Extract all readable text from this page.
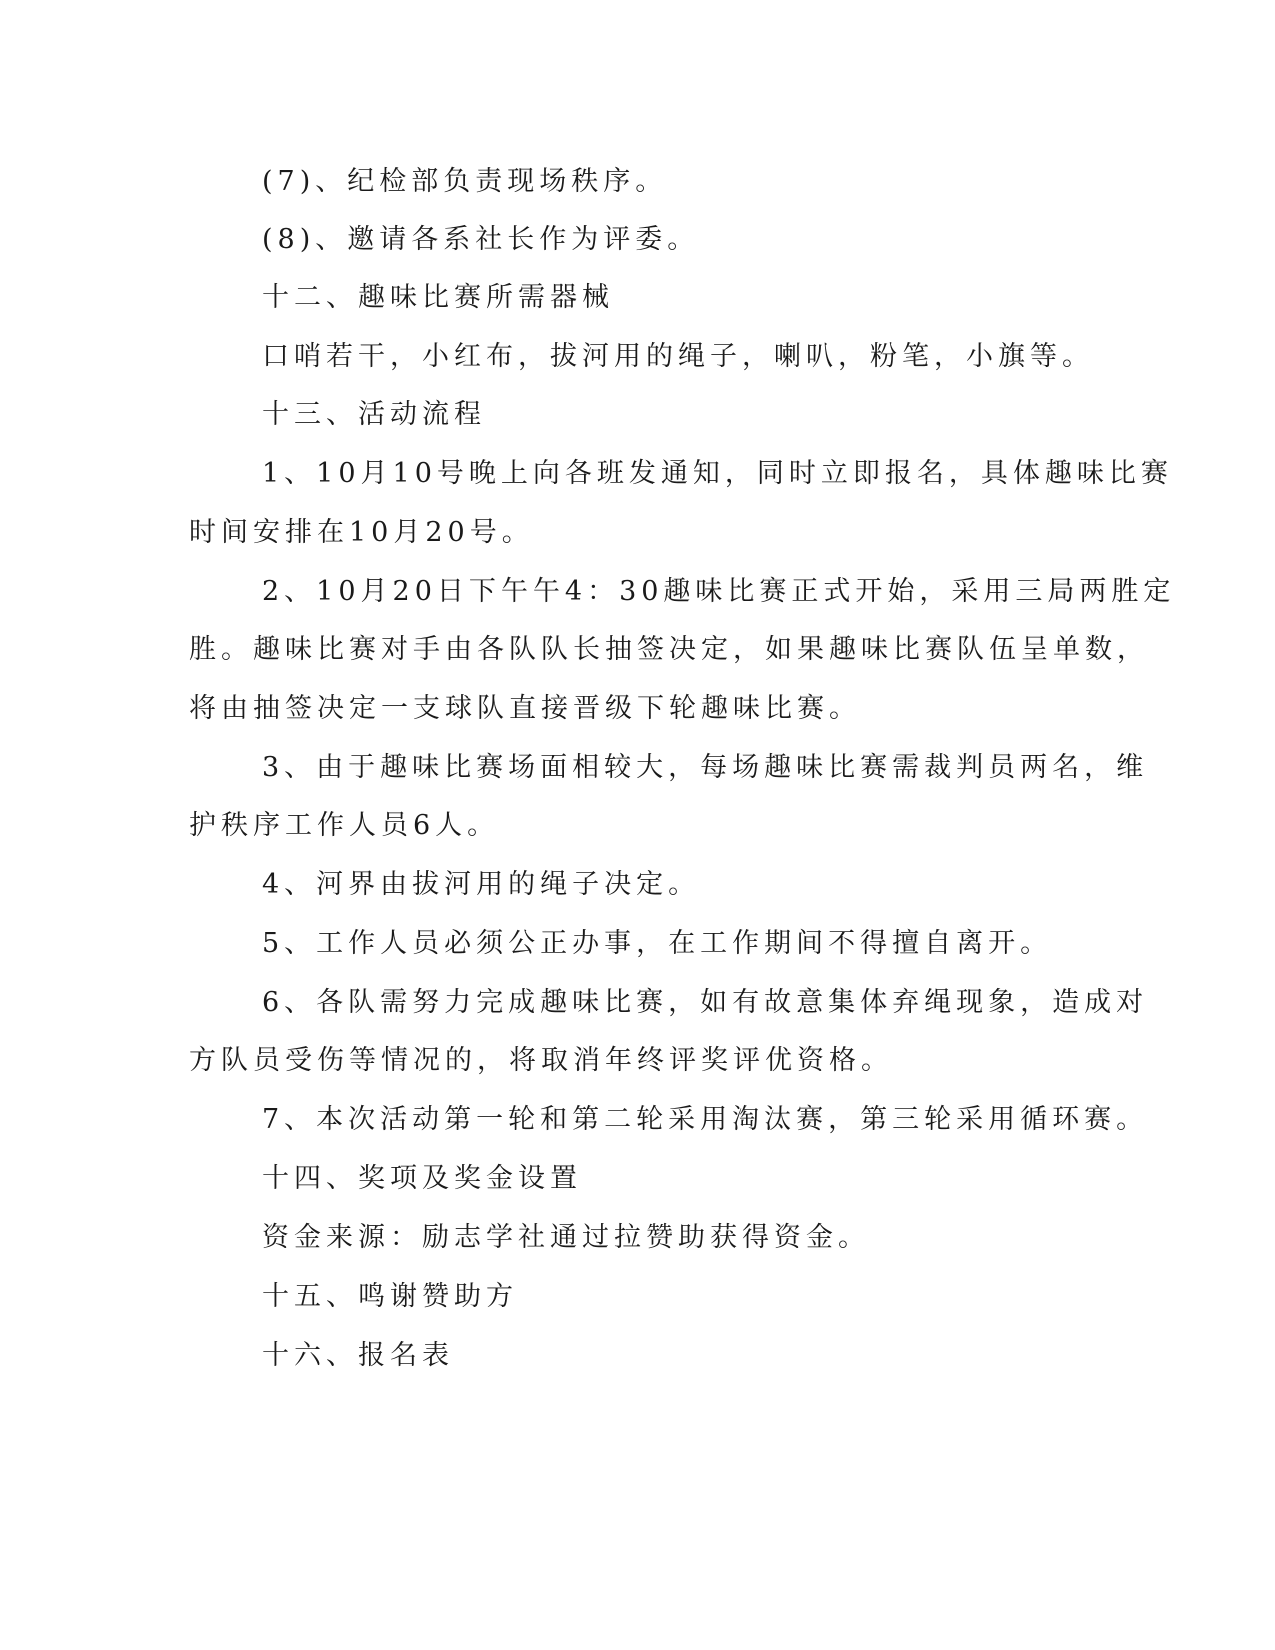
(7)、纪检部负责现场秩序。
(8)、邀请各系社长作为评委。
十二、趣味比赛所需器械
口哨若干，小红布，拔河用的绳子，喇叭，粉笔，小旗等。
十三、活动流程
1、10月10号晚上向各班发通知，同时立即报名，具体趣味比赛
时间安排在10月20号。
2、10月20日下午午4：30趣味比赛正式开始，采用三局两胜定
胜。趣味比赛对手由各队队长抽签决定，如果趣味比赛队伍呈单数，
将由抽签决定一支球队直接晋级下轮趣味比赛。
3、由于趣味比赛场面相较大，每场趣味比赛需裁判员两名，维
护秩序工作人员6人。
4、河界由拔河用的绳子决定。
5、工作人员必须公正办事，在工作期间不得擅自离开。
6、各队需努力完成趣味比赛，如有故意集体弃绳现象，造成对
方队员受伤等情况的，将取消年终评奖评优资格。
7、本次活动第一轮和第二轮采用淘汰赛，第三轮采用循环赛。
十四、奖项及奖金设置
资金来源：励志学社通过拉赞助获得资金。
十五、鸣谢赞助方
十六、报名表
